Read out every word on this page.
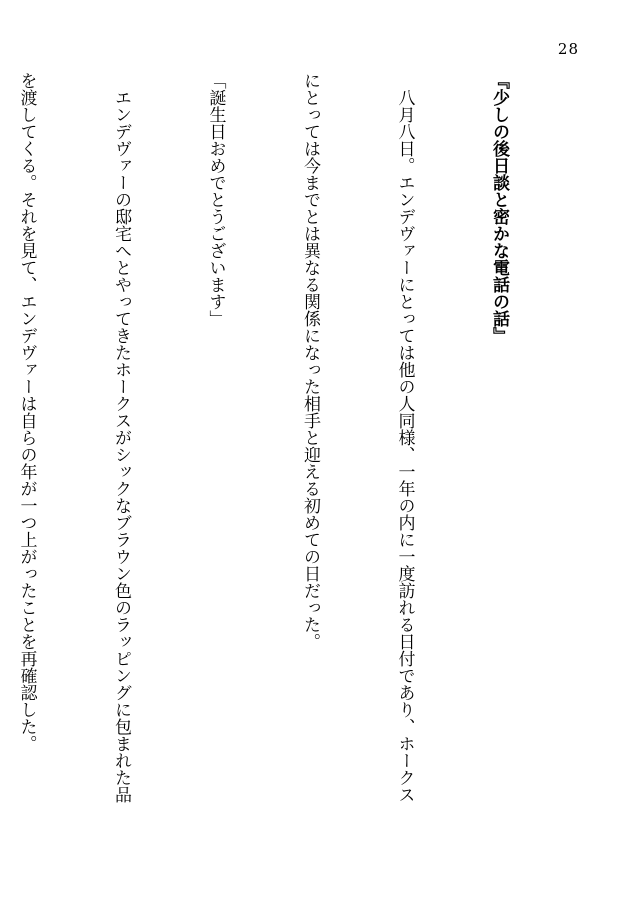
28

『少しの後日談と密かな電話の話』

　八月八日。エンデヴァーにとっては他の人同様、一年の内に一度訪れる日付であり、ホークス

にとっては今までとは異なる関係になった相手と迎える初めての日だった。

「誕生日おめでとうございます」

　エンデヴァーの邸宅へとやってきたホークスがシックなブラウン色のラッピングに包まれた品

を渡してくる。それを見て、エンデヴァーは自らの年が一つ上がったことを再確認した。
